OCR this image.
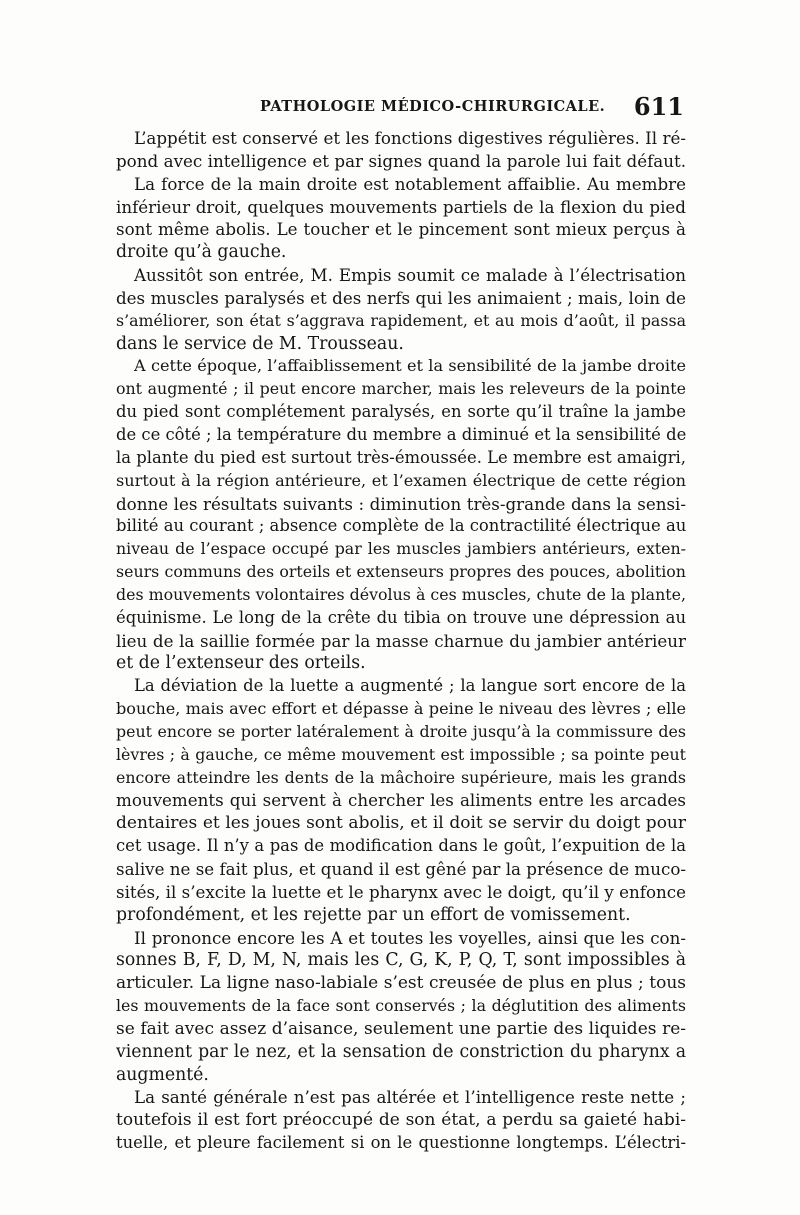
PATHOLOGIE MÉDICO-CHIRURGICALE. 611
L’appétit est conservé et les fonctions digestives régulières. Il ré-
pond avec intelligence et par signes quand la parole lui fait défaut.
La force de la main droite est notablement affaiblie. Au membre
inférieur droit, quelques mouvements partiels de la flexion du pied
sont même abolis. Le toucher et le pincement sont mieux perçus à
droite qu’à gauche.
Aussitôt son entrée, M. Empis soumit ce malade à l’électrisation
des muscles paralysés et des nerfs qui les animaient ; mais, loin de
s’améliorer, son état s’aggrava rapidement, et au mois d’août, il passa
dans le service de M. Trousseau.
A cette époque, l’affaiblissement et la sensibilité de la jambe droite
ont augmenté ; il peut encore marcher, mais les releveurs de la pointe
du pied sont complétement paralysés, en sorte qu’il traîne la jambe
de ce côté ; la température du membre a diminué et la sensibilité de
la plante du pied est surtout très-émoussée. Le membre est amaigri,
surtout à la région antérieure, et l’examen électrique de cette région
donne les résultats suivants : diminution très-grande dans la sensi-
bilité au courant ; absence complète de la contractilité électrique au
niveau de l’espace occupé par les muscles jambiers antérieurs, exten-
seurs communs des orteils et extenseurs propres des pouces, abolition
des mouvements volontaires dévolus à ces muscles, chute de la plante,
équinisme. Le long de la crête du tibia on trouve une dépression au
lieu de la saillie formée par la masse charnue du jambier antérieur
et de l’extenseur des orteils.
La déviation de la luette a augmenté ; la langue sort encore de la
bouche, mais avec effort et dépasse à peine le niveau des lèvres ; elle
peut encore se porter latéralement à droite jusqu’à la commissure des
lèvres ; à gauche, ce même mouvement est impossible ; sa pointe peut
encore atteindre les dents de la mâchoire supérieure, mais les grands
mouvements qui servent à chercher les aliments entre les arcades
dentaires et les joues sont abolis, et il doit se servir du doigt pour
cet usage. Il n’y a pas de modification dans le goût, l’expuition de la
salive ne se fait plus, et quand il est gêné par la présence de muco-
sités, il s’excite la luette et le pharynx avec le doigt, qu’il y enfonce
profondément, et les rejette par un effort de vomissement.
Il prononce encore les A et toutes les voyelles, ainsi que les con-
sonnes B, F, D, M, N, mais les C, G, K, P, Q, T, sont impossibles à
articuler. La ligne naso-labiale s’est creusée de plus en plus ; tous
les mouvements de la face sont conservés ; la déglutition des aliments
se fait avec assez d’aisance, seulement une partie des liquides re-
viennent par le nez, et la sensation de constriction du pharynx a
augmenté.
La santé générale n’est pas altérée et l’intelligence reste nette ;
toutefois il est fort préoccupé de son état, a perdu sa gaieté habi-
tuelle, et pleure facilement si on le questionne longtemps. L’électri-
